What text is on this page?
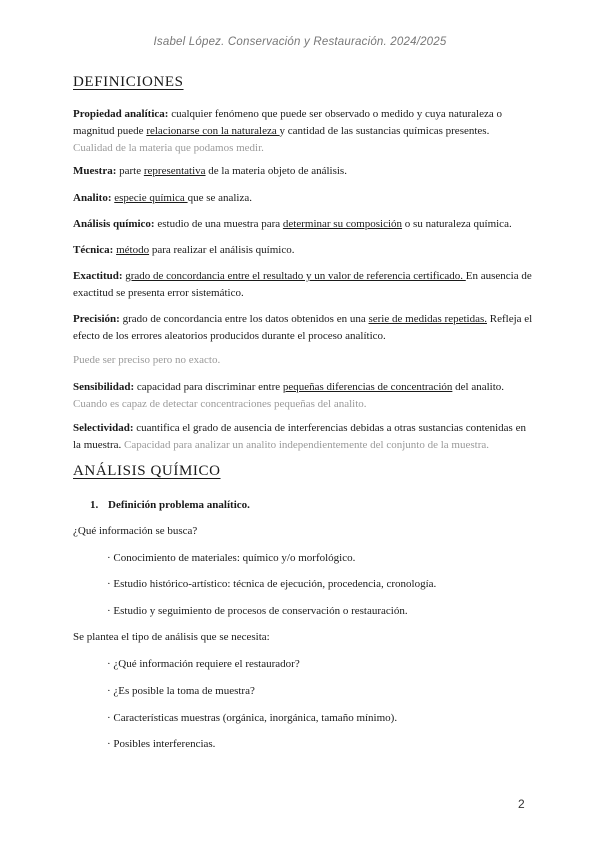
Isabel López. Conservación y Restauración. 2024/2025
DEFINICIONES
Propiedad analítica: cualquier fenómeno que puede ser observado o medido y cuya naturaleza o magnitud puede relacionarse con la naturaleza y cantidad de las sustancias químicas presentes.
Cualidad de la materia que podamos medir.
Muestra: parte representativa de la materia objeto de análisis.
Analito: especie química que se analiza.
Análisis químico: estudio de una muestra para determinar su composición o su naturaleza química.
Técnica: método para realizar el análisis químico.
Exactitud: grado de concordancia entre el resultado y un valor de referencia certificado. En ausencia de exactitud se presenta error sistemático.
Precisión: grado de concordancia entre los datos obtenidos en una serie de medidas repetidas. Refleja el efecto de los errores aleatorios producidos durante el proceso analítico.
Puede ser preciso pero no exacto.
Sensibilidad: capacidad para discriminar entre pequeñas diferencias de concentración del analito.
Cuando es capaz de detectar concentraciones pequeñas del analito.
Selectividad: cuantifica el grado de ausencia de interferencias debidas a otras sustancias contenidas en la muestra. Capacidad para analizar un analito independientemente del conjunto de la muestra.
ANÁLISIS QUÍMICO
1. Definición problema analítico.
¿Qué información se busca?
· Conocimiento de materiales: químico y/o morfológico.
· Estudio histórico-artístico: técnica de ejecución, procedencia, cronología.
· Estudio y seguimiento de procesos de conservación o restauración.
Se plantea el tipo de análisis que se necesita:
· ¿Qué información requiere el restaurador?
· ¿Es posible la toma de muestra?
· Características muestras (orgánica, inorgánica, tamaño mínimo).
· Posibles interferencias.
2
